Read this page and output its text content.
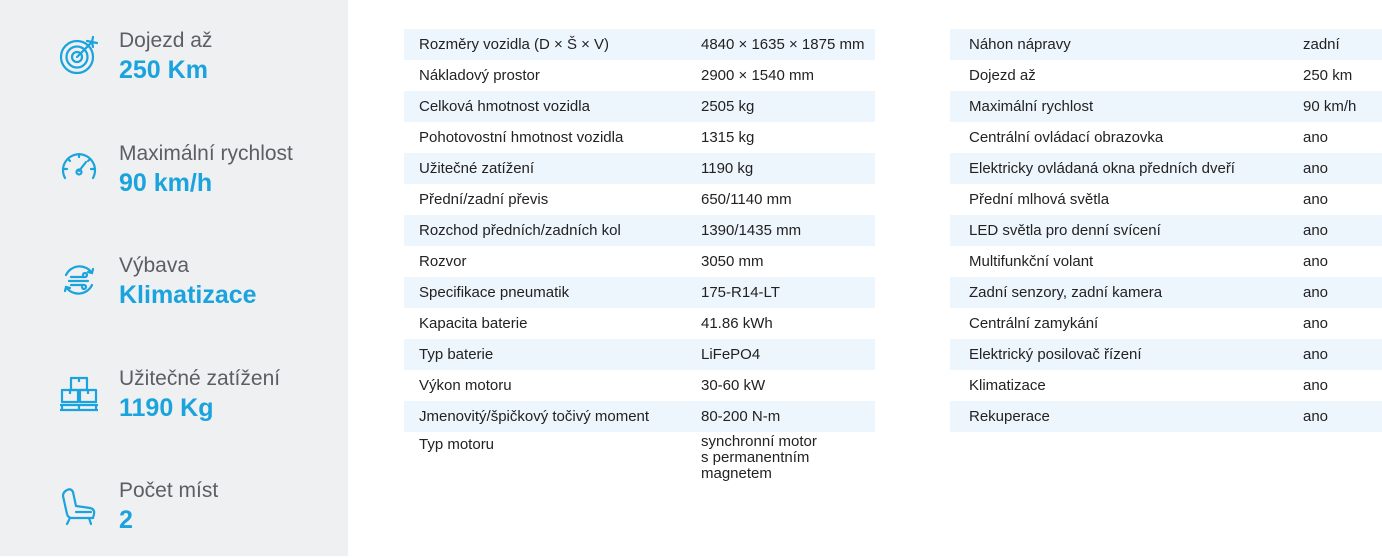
Dojezd až
250 Km
Maximální rychlost
90 km/h
Výbava
Klimatizace
Užitečné zatížení
1190 Kg
Počet míst
2
Rozměry vozidla (D × Š × V)	4840 × 1635 × 1875 mm
Nákladový prostor	2900 × 1540 mm
Celková hmotnost vozidla	2505 kg
Pohotovostní hmotnost vozidla	1315 kg
Užitečné zatížení	1190 kg
Přední/zadní převis	650/1140 mm
Rozchod předních/zadních kol	1390/1435 mm
Rozvor	3050 mm
Specifikace pneumatik	175-R14-LT
Kapacita baterie	41.86 kWh
Typ baterie	LiFePO4
Výkon motoru	30-60 kW
Jmenovitý/špičkový točivý moment	80-200 N-m
Typ motoru	synchronní motor
s permanentním magnetem
Náhon nápravy	zadní
Dojezd až	250 km
Maximální rychlost	90 km/h
Centrální ovládací obrazovka	ano
Elektricky ovládaná okna předních dveří	ano
Přední mlhová světla	ano
LED světla pro denní svícení	ano
Multifunkční volant	ano
Zadní senzory, zadní kamera	ano
Centrální zamykání	ano
Elektrický posilovač řízení	ano
Klimatizace	ano
Rekuperace	ano
